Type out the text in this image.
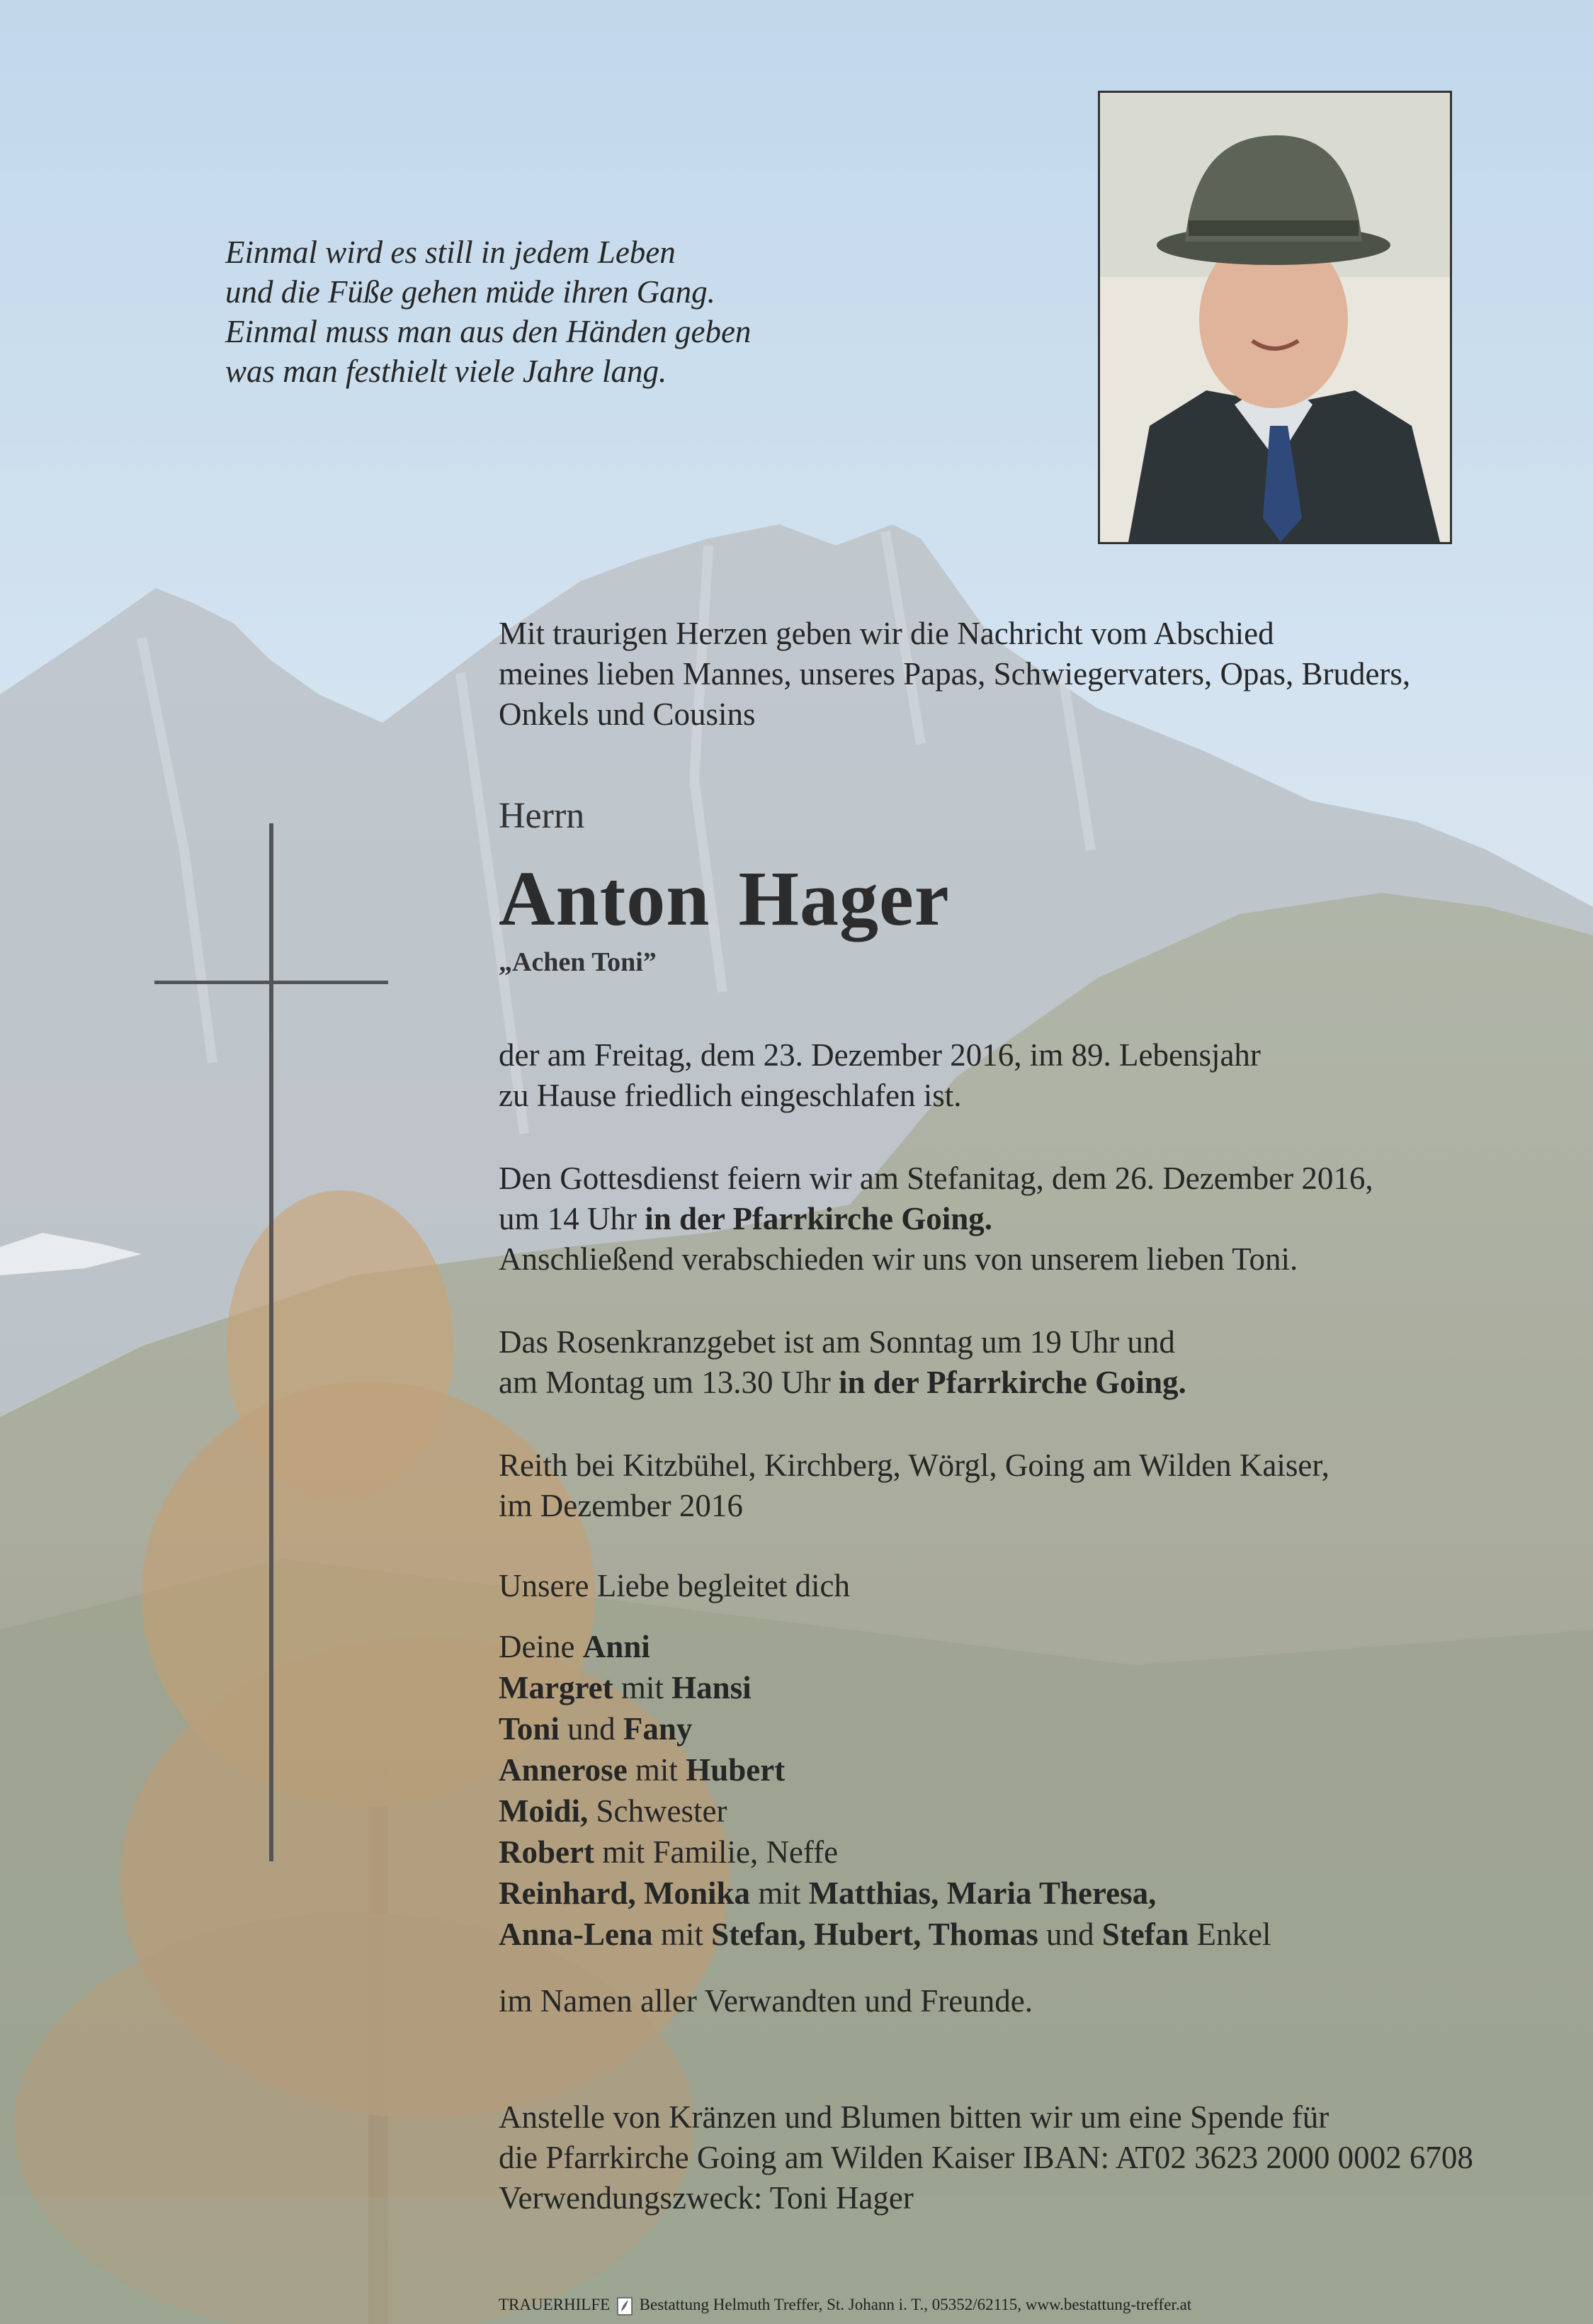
Einmal wird es still in jedem Leben
und die Füße gehen müde ihren Gang.
Einmal muss man aus den Händen geben
was man festhielt viele Jahre lang.
Mit traurigen Herzen geben wir die Nachricht vom Abschied
meines lieben Mannes, unseres Papas, Schwiegervaters, Opas, Bruders,
Onkels und Cousins
Herrn
Anton Hager
„Achen Toni”
der am Freitag, dem 23. Dezember 2016, im 89. Lebensjahr
zu Hause friedlich eingeschlafen ist.
Den Gottesdienst feiern wir am Stefanitag, dem 26. Dezember 2016,
um 14 Uhr in der Pfarrkirche Going.
Anschließend verabschieden wir uns von unserem lieben Toni.
Das Rosenkranzgebet ist am Sonntag um 19 Uhr und
am Montag um 13.30 Uhr in der Pfarrkirche Going.
Reith bei Kitzbühel, Kirchberg, Wörgl, Going am Wilden Kaiser,
im Dezember 2016
Unsere Liebe begleitet dich
Deine Anni
Margret mit Hansi
Toni und Fany
Annerose mit Hubert
Moidi, Schwester
Robert mit Familie, Neffe
Reinhard, Monika mit Matthias, Maria Theresa,
Anna-Lena mit Stefan, Hubert, Thomas und Stefan Enkel
im Namen aller Verwandten und Freunde.
Anstelle von Kränzen und Blumen bitten wir um eine Spende für
die Pfarrkirche Going am Wilden Kaiser IBAN: AT02 3623 2000 0002 6708
Verwendungszweck: Toni Hager
TRAUERHILFE Bestattung Helmuth Treffer, St. Johann i. T., 05352/62115, www.bestattung-treffer.at
